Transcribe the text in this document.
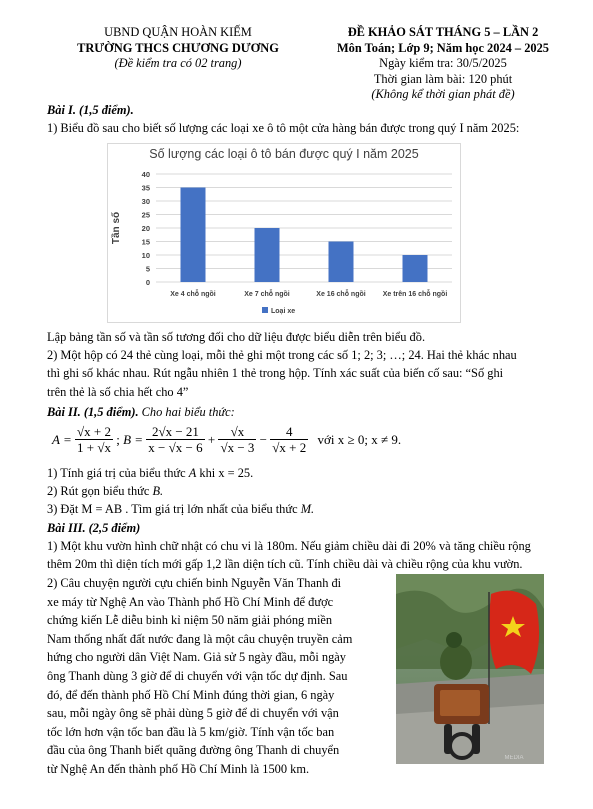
UBND QUẬN HOÀN KIẾM
TRƯỜNG THCS CHƯƠNG DƯƠNG
(Đề kiểm tra có 02 trang)
ĐỀ KHẢO SÁT THÁNG 5 – LẦN 2
Môn Toán; Lớp 9; Năm học 2024 – 2025
Ngày kiểm tra: 30/5/2025
Thời gian làm bài: 120 phút
(Không kể thời gian phát đề)
Bài I. (1,5 điểm).
1) Biểu đồ sau cho biết số lượng các loại xe ô tô một cửa hàng bán được trong quý I năm 2025:
Số lượng các loại ô tô bán được quý I năm 2025
0
5
10
15
20
25
30
35
40
Tần số
Xe 4 chỗ ngồi	Xe 7 chỗ ngồi	Xe 16 chỗ ngồi Xe trên 16 chỗ ngồi
Loại xe
Lập bảng tần số và tần số tương đối cho dữ liệu được biểu diễn trên biểu đồ.
2) Một hộp có 24 thẻ cùng loại, mỗi thẻ ghi một trong các số 1; 2; 3; …; 24. Hai thẻ khác nhau
thì ghi số khác nhau. Rút ngẫu nhiên 1 thẻ trong hộp. Tính xác suất của biến cố sau: “Số ghi
trên thẻ là số chia hết cho 4”
Bài II. (1,5 điểm). Cho hai biểu thức:
$A = \frac{√x + 2}{1 + √x}$ ; $B = \frac{2√x - 21}{x - √x - 6} + \frac{√x}{√x - 3} - \frac{4}{√x + 2}$ với x ≥ 0; x ≠ 9.
1) Tính giá trị của biểu thức A khi x = 25.
2) Rút gọn biểu thức B.
3) Đặt M = AB . Tìm giá trị lớn nhất của biểu thức M.
Bài III. (2,5 điểm)
1) Một khu vườn hình chữ nhật có chu vi là 180m. Nếu giảm chiều dài đi 20% và tăng chiều rộng
thêm 20m thì diện tích mới gấp 1,2 lần diện tích cũ. Tính chiều dài và chiều rộng của khu vườn.
2) Câu chuyện người cựu chiến binh Nguyễn Văn Thanh đi
xe máy từ Nghệ An vào Thành phố Hồ Chí Minh để được
chứng kiến Lễ diễu binh kỉ niệm 50 năm giải phóng miền
Nam thống nhất đất nước đang là một câu chuyện truyền cảm
hứng cho người dân Việt Nam. Giả sử 5 ngày đầu, mỗi ngày
ông Thanh dùng 3 giờ để di chuyển với vận tốc dự định. Sau
đó, để đến thành phố Hồ Chí Minh đúng thời gian, 6 ngày
sau, mỗi ngày ông sẽ phải dùng 5 giờ để di chuyển với vận
tốc lớn hơn vận tốc ban đầu là 5 km/giờ. Tính vận tốc ban
đầu của ông Thanh biết quãng đường ông Thanh di chuyển
từ Nghệ An đến thành phố Hồ Chí Minh là 1500 km.
MEDIA
